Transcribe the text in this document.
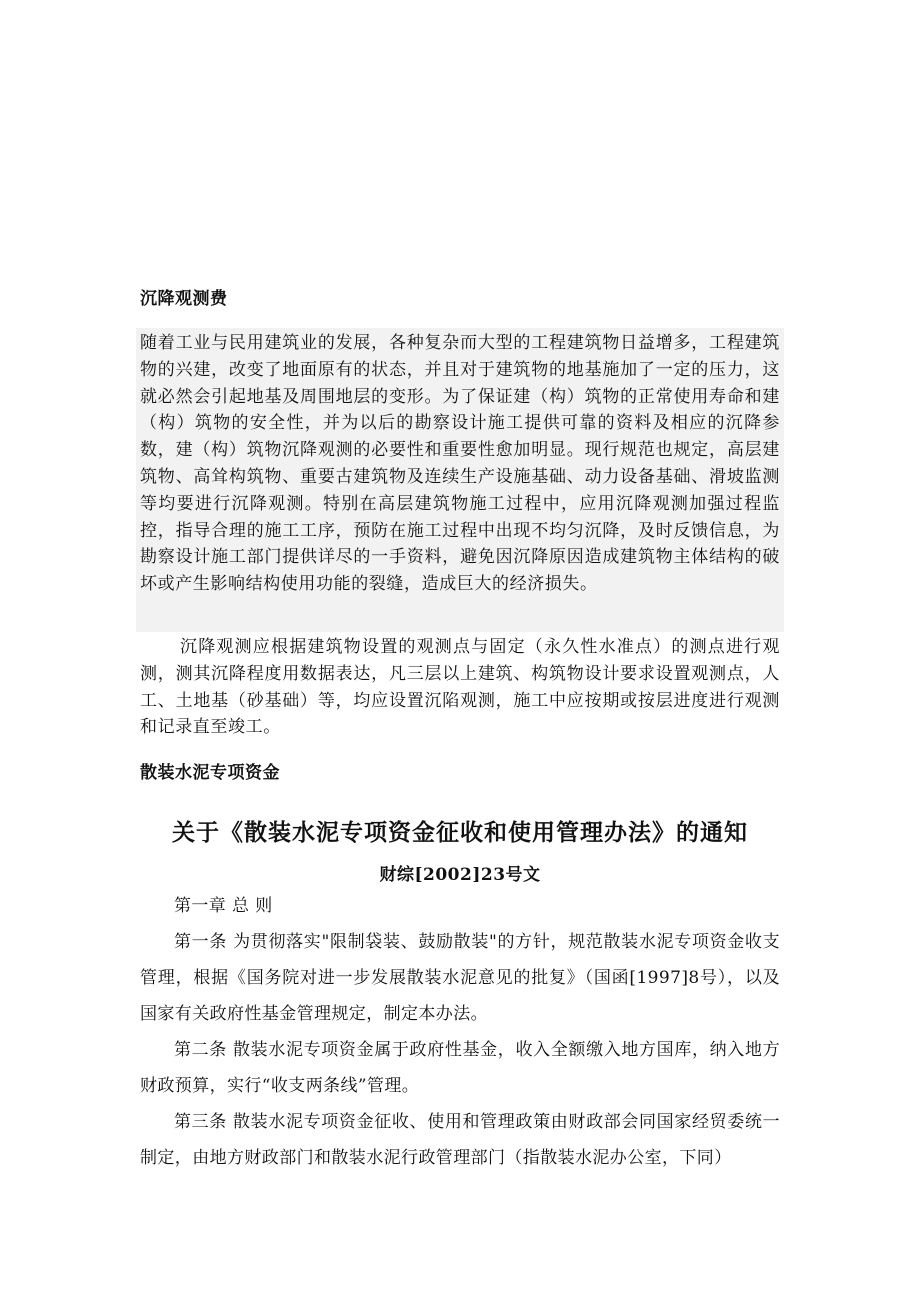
沉降观测费

随着工业与民用建筑业的发展，各种复杂而大型的工程建筑物日益增多，工程建筑物的兴建，改变了地面原有的状态，并且对于建筑物的地基施加了一定的压力，这就必然会引起地基及周围地层的变形。为了保证建（构）筑物的正常使用寿命和建（构）筑物的安全性，并为以后的勘察设计施工提供可靠的资料及相应的沉降参数，建（构）筑物沉降观测的必要性和重要性愈加明显。现行规范也规定，高层建筑物、高耸构筑物、重要古建筑物及连续生产设施基础、动力设备基础、滑坡监测等均要进行沉降观测。特别在高层建筑物施工过程中，应用沉降观测加强过程监控，指导合理的施工工序，预防在施工过程中出现不均匀沉降，及时反馈信息，为勘察设计施工部门提供详尽的一手资料，避免因沉降原因造成建筑物主体结构的破坏或产生影响结构使用功能的裂缝，造成巨大的经济损失。

沉降观测应根据建筑物设置的观测点与固定（永久性水准点）的测点进行观测，测其沉降程度用数据表达，凡三层以上建筑、构筑物设计要求设置观测点，人工、土地基（砂基础）等，均应设置沉陷观测，施工中应按期或按层进度进行观测和记录直至竣工。

散装水泥专项资金
关于《散装水泥专项资金征收和使用管理办法》的通知
财综[2002]23号文

第一章 总 则

第一条 为贯彻落实"限制袋装、鼓励散装"的方针，规范散装水泥专项资金收支管理，根据《国务院对进一步发展散装水泥意见的批复》（国函[1997]8号），以及国家有关政府性基金管理规定，制定本办法。

第二条 散装水泥专项资金属于政府性基金，收入全额缴入地方国库，纳入地方财政预算，实行“收支两条线”管理。

第三条 散装水泥专项资金征收、使用和管理政策由财政部会同国家经贸委统一制定，由地方财政部门和散装水泥行政管理部门（指散装水泥办公室，下同）
